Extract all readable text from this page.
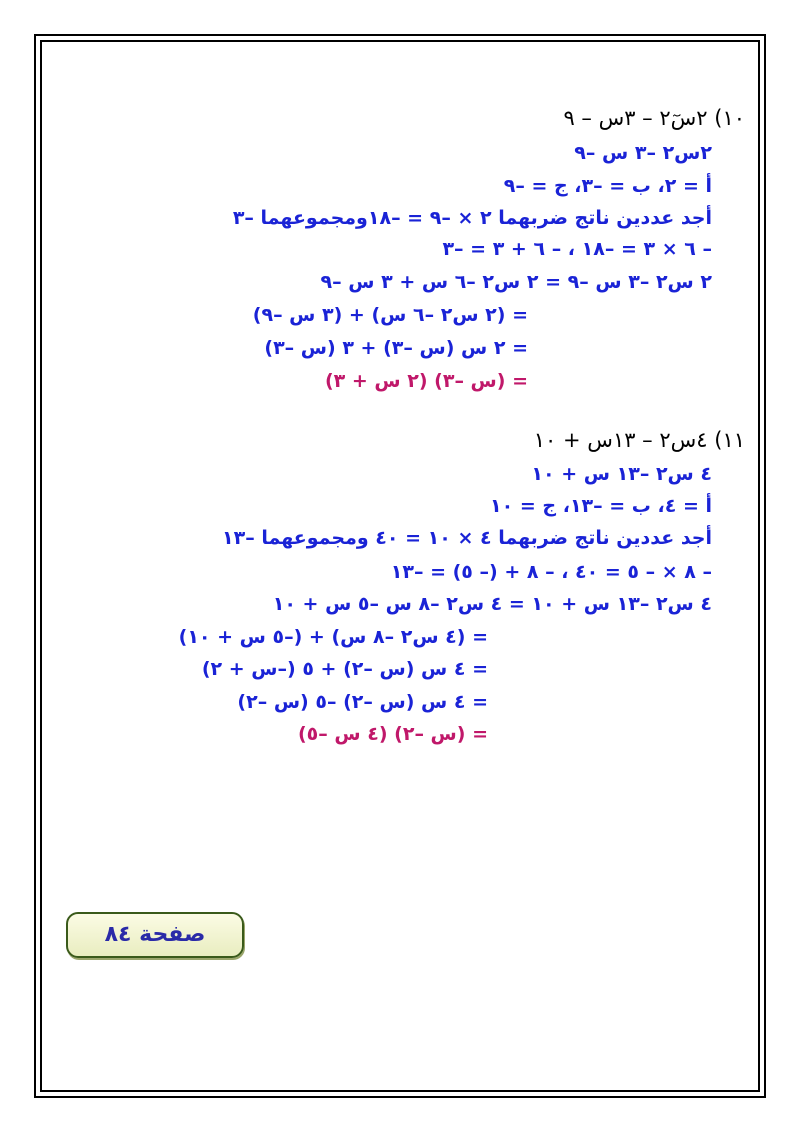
١٠) ٢سٓ٢ – ٣س – ٩
٢س٢ –٣ س –٩
أ = ٢، ب = –٣، ج = –٩
أجد عددين ناتج ضربهما ٢ × –٩ = –١٨ومجموعهما –٣
– ٦ × ٣ = –١٨ ، – ٦ + ٣ = –٣
٢ س٢ –٣ س –٩ = ٢ س٢ –٦ س + ٣ س –٩
= (٢ س٢ –٦ س) + (٣ س –٩)
= ٢ س (س –٣) + ٣ (س –٣)
= (س –٣) (٢ س + ٣)
١١) ٤س٢ – ١٣س + ١٠
٤ س٢ –١٣ س + ١٠
أ = ٤، ب = –١٣، ج = ١٠
أجد عددين ناتج ضربهما ٤ × ١٠ = ٤٠ ومجموعهما –١٣
– ٨ × – ٥ = ٤٠ ، – ٨ + (– ٥) = –١٣
٤ س٢ –١٣ س + ١٠ = ٤ س٢ –٨ س –٥ س + ١٠
= (٤ س٢ –٨ س) + (–٥ س + ١٠)
= ٤ س (س –٢) + ٥ (–س + ٢)
= ٤ س (س –٢) –٥ (س –٢)
= (س –٢) (٤ س –٥)
صفحة ٨٤
